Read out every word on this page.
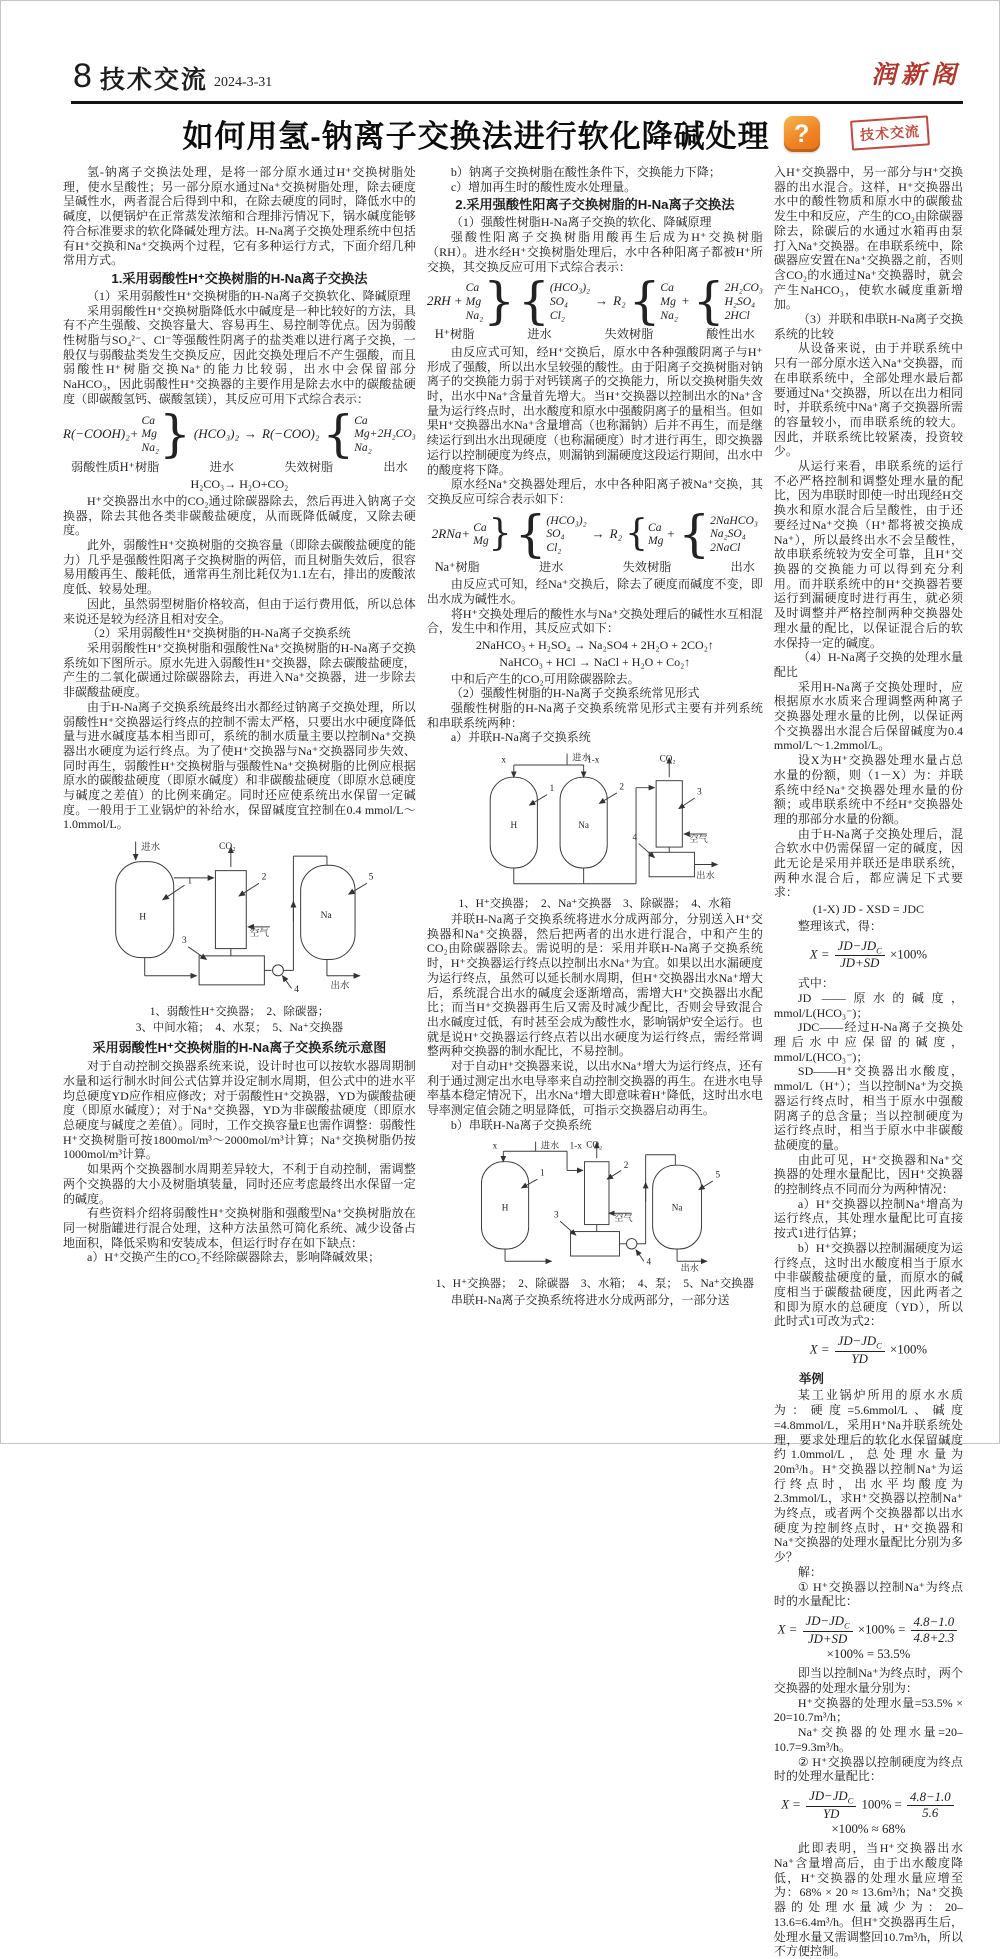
8 技术交流 2024-3-31	润新阁
如何用氢-钠离子交换法进行软化降碱处理 ?	技术交流
氢-钠离子交换法处理，是将一部分原水通过H⁺交换树脂处理，使水呈酸性；另一部分原水通过Na⁺交换树脂处理，除去硬度呈碱性水，两者混合后得到中和，在除去硬度的同时，降低水中的碱度，以便锅炉在正常蒸发浓缩和合理排污情况下，锅水碱度能够符合标准要求的软化降碱处理方法。H-Na离子交换处理系统中包括有H⁺交换和Na⁺交换两个过程，它有多种运行方式，下面介绍几种常用方式。
1.采用弱酸性H⁺交换树脂的H-Na离子交换法
（1）采用弱酸性H⁺交换树脂的H-Na离子交换软化、降碱原理
采用弱酸性H⁺交换树脂降低水中碱度是一种比较好的方法，具有不产生强酸、交换容量大、容易再生、易控制等优点。因为弱酸性树脂与SO₄²⁻、Cl⁻等强酸性阴离子的盐类难以进行离子交换，一般仅与弱酸盐类发生交换反应，因此交换处理后不产生强酸，而且弱酸性H⁺树脂交换Na⁺的能力比较弱，出水中会保留部分NaHCO₃，因此弱酸性H⁺交换器的主要作用是除去水中的碳酸盐硬度（即碳酸氢钙、碳酸氢镁），其反应可用下式综合表示：
R(−COOH)₂+
Ca
Mg
Na₂ } (HCO₃)₂ → R(−COO)₂ { Ca
Mg+2H₂CO₃
Na₂
弱酸性质H⁺树脂	进水	失效树脂	出水
H₂CO₃→ H₂O+CO₂
H⁺交换器出水中的CO₂通过除碳器除去，然后再进入钠离子交换器，除去其他各类非碳酸盐硬度，从而既降低碱度，又除去硬度。
此外，弱酸性H⁺交换树脂的交换容量（即除去碳酸盐硬度的能力）几乎是强酸性阳离子交换树脂的两倍，而且树脂失效后，很容易用酸再生、酸耗低，通常再生剂比耗仅为1.1左右，排出的废酸浓度低、较易处理。
因此，虽然弱型树脂价格较高，但由于运行费用低，所以总体来说还是较为经济且相对安全。
（2）采用弱酸性H⁺交换树脂的H-Na离子交换系统
采用弱酸性H⁺交换树脂和强酸性Na⁺交换树脂的H-Na离子交换系统如下图所示。原水先进入弱酸性H⁺交换器，除去碳酸盐硬度，产生的二氧化碳通过除碳器除去，再进入Na⁺交换器，进一步除去非碳酸盐硬度。
由于H-Na离子交换系统最终出水都经过钠离子交换处理，所以弱酸性H⁺交换器运行终点的控制不需太严格，只要出水中硬度降低量与进水碱度基本相当即可，系统的制水质量主要以控制Na⁺交换器出水硬度为运行终点。为了使H⁺交换器与Na⁺交换器同步失效、同时再生，弱酸性H⁺交换树脂与强酸性Na⁺交换树脂的比例应根据原水的碳酸盐硬度（即原水碱度）和非碳酸盐硬度（即原水总硬度与碱度之差值）的比例来确定。同时还应使系统出水保留一定碱度。一般用于工业锅炉的补给水，保留碱度宜控制在0.4 mmol/L～1.0mmol/L。
进水
H
1
CO₂
2
空气
3
4
Na
5
出水
1、弱酸性H⁺交换器；　2、除碳器；
3、中间水箱；　4、水泵；　5、Na⁺交换器
采用弱酸性H⁺交换树脂的H-Na离子交换系统示意图
对于自动控制交换器系统来说，设计时也可以按软水器周期制水量和运行制水时间公式估算并设定制水周期，但公式中的进水平均总硬度YD应作相应修改；对于弱酸性H⁺交换器，YD为碳酸盐硬度（即原水碱度）；对于Na⁺交换器，YD为非碳酸盐硬度（即原水总硬度与碱度之差值）。同时，工作交换容量E也需作调整：弱酸性H⁺交换树脂可按1800mol/m³～2000mol/m³计算；Na⁺交换树脂仍按1000mol/m³计算。
如果两个交换器制水周期差异较大，不利于自动控制，需调整两个交换器的大小及树脂填装量，同时还应考虑最终出水保留一定的碱度。
有些资料介绍将弱酸性H⁺交换树脂和强酸型Na⁺交换树脂放在同一树脂罐进行混合处理，这种方法虽然可简化系统、减少设备占地面积，降低采购和安装成本，但运行时存在如下缺点：
a）H⁺交换产生的CO₂不经除碳器除去，影响降碱效果；
b）钠离子交换树脂在酸性条件下，交换能力下降；
c）增加再生时的酸性废水处理量。
2.采用强酸性阳离子交换树脂的H-Na离子交换法
（1）强酸性树脂H-Na离子交换的软化、降碱原理
强酸性阳离子交换树脂用酸再生后成为H⁺交换树脂（RH）。进水经H⁺交换树脂处理后，水中各种阳离子都被H⁺所交换，其交换反应可用下式综合表示：
2RH +
Ca
Mg
Na₂ } { (HCO₃)₂
SO₄
Cl₂
→ R₂ { Ca
Mg
Na₂
+ { 2H₂CO₃
H₂SO₄
2HCl
H⁺树脂	进水	失效树脂	酸性出水
由反应式可知，经H⁺交换后，原水中各种强酸阴离子与H⁺形成了强酸，所以出水呈较强的酸性。由于阳离子交换树脂对钠离子的交换能力弱于对钙镁离子的交换能力，所以交换树脂失效时，出水中Na⁺含量首先增大。当H⁺交换器以控制出水的Na⁺含量为运行终点时，出水酸度和原水中强酸阴离子的量相当。但如果H⁺交换器出水Na⁺含量增高（也称漏钠）后并不再生，而是继续运行到出水出现硬度（也称漏硬度）时才进行再生，即交换器运行以控制硬度为终点，则漏钠到漏硬度这段运行期间，出水中的酸度将下降。
原水经Na⁺交换器处理后，水中各种阳离子被Na⁺交换，其交换反应可综合表示如下：
2RNa+ Ca
Mg } { (HCO₃)₂
SO₄
Cl₂
→ R₂ { Ca
Mg + { 2NaHCO₃
Na₂SO₄
2NaCl
Na⁺树脂	进水	失效树脂	出水
由反应式可知，经Na⁺交换后，除去了硬度而碱度不变，即出水成为碱性水。
将H⁺交换处理后的酸性水与Na⁺交换处理后的碱性水互相混合，发生中和作用，其反应式如下：
2NaHCO₃ + H₂SO₄ → Na₂SO4 + 2H₂O + 2CO₂↑
NaHCO₃ + HCl → NaCl + H₂O + Co₂↑
中和后产生的CO₂可用除碳器除去。
（2）强酸性树脂的H-Na离子交换系统常见形式
强酸性树脂的H-Na离子交换系统常见形式主要有并列系统和串联系统两种：
a）并联H-Na离子交换系统
进水
x	1-x
H
1
Na
2
CO₂
3
空气
4
出水
1、H⁺交换器；　2、Na⁺交换器　3、除碳器；　4、水箱
并联H-Na离子交换系统将进水分成两部分，分别送入H⁺交换器和Na⁺交换器，然后把两者的出水进行混合，中和产生的CO₂由除碳器除去。需说明的是：采用并联H-Na离子交换系统时，H⁺交换器运行终点以控制出水Na⁺为宜。如果以出水漏硬度为运行终点，虽然可以延长制水周期，但H⁺交换器出水Na⁺增大后，系统混合出水的碱度会逐渐增高，需增大H⁺交换器出水配比；而当H⁺交换器再生后又需及时减少配比，否则会导致混合出水碱度过低，有时甚至会成为酸性水，影响锅炉安全运行。也就是说H⁺交换器运行终点若以出水硬度为运行终点，需经常调整两种交换器的制水配比，不易控制。
对于自动H⁺交换器来说，以出水Na⁺增大为运行终点，还有利于通过测定出水电导率来自动控制交换器的再生。在进水电导率基本稳定情况下，出水Na⁺增大即意味着H⁺降低，这时出水电导率测定值会随之明显降低，可指示交换器启动再生。
b）串联H-Na离子交换系统
进水
x	1-x
H
1
CO₂
2
空气
3
4
Na
5
出水
1、H⁺交换器；　2、除碳器　3、水箱；　4、泵；　5、Na⁺交换器
串联H-Na离子交换系统将进水分成两部分，一部分送
入H⁺交换器中，另一部分与H⁺交换器的出水混合。这样，H⁺交换器出水中的酸性物质和原水中的碳酸盐发生中和反应，产生的CO₂由除碳器除去，除碳后的水通过水箱再由泵打入Na⁺交换器。在串联系统中，除碳器应安置在Na⁺交换器之前，否则含CO₂的水通过Na⁺交换器时，就会产生NaHCO₃，使软水碱度重新增加。
（3）并联和串联H-Na离子交换系统的比较
从设备来说，由于并联系统中只有一部分原水送入Na⁺交换器，而在串联系统中，全部处理水最后都要通过Na⁺交换器，所以在出力相同时，并联系统中Na⁺离子交换器所需的容量较小，而串联系统的较大。因此，并联系统比较紧凑，投资较少。
从运行来看，串联系统的运行不必严格控制和调整处理水量的配比，因为串联时即使一时出现经H交换水和原水混合后呈酸性，由于还要经过Na⁺交换（H⁺都将被交换成Na⁺），所以最终出水不会呈酸性，故串联系统较为安全可靠，且H⁺交换器的交换能力可以得到充分利用。而并联系统中的H⁺交换器若要运行到漏硬度时进行再生，就必须及时调整并严格控制两种交换器处理水量的配比，以保证混合后的软水保持一定的碱度。
（4）H-Na离子交换的处理水量配比
采用H-Na离子交换处理时，应根据原水水质来合理调整两种离子交换器处理水量的比例，以保证两个交换器出水混合后保留碱度为0.4 mmol/L～1.2mmol/L。
设X为H⁺交换器处理水量占总水量的份额，则（1－X）为：并联系统中经Na⁺交换器处理水量的份额；或串联系统中不经H⁺交换器处理的那部分水量的份额。
由于H-Na离子交换处理后，混合软水中仍需保留一定的碱度，因此无论是采用并联还是串联系统，两种水混合后，都应满足下式要求：
(1-X) JD - XSD = JDC
整理该式，得：
$X = \frac{JD-JD_C}{JD+SD} \times 100\%$
式中：
JD ——原水的碱度，mmol/L(HCO₃⁻)；
JDC——经过H-Na离子交换处理后水中应保留的碱度，mmol/L(HCO₃⁻)；
SD——H⁺交换器出水酸度，mmol/L（H⁺）；当以控制Na⁺为交换器运行终点时，相当于原水中强酸阴离子的总含量；当以控制硬度为运行终点时，相当于原水中非碳酸盐硬度的量。
由此可见，H⁺交换器和Na⁺交换器的处理水量配比，因H⁺交换器的控制终点不同而分为两种情况：
a）H⁺交换器以控制Na⁺增高为运行终点，其处理水量配比可直接按式1进行估算；
b）H⁺交换器以控制漏硬度为运行终点，这时出水酸度相当于原水中非碳酸盐硬度的量，而原水的碱度相当于碳酸盐硬度，因此两者之和即为原水的总硬度（YD），所以此时式1可改为式2：
$X = \frac{JD-JD_C}{YD} \times 100\%$
举例
某工业锅炉所用的原水水质为：硬度=5.6mmol/L、碱度=4.8mmol/L，采用H⁺Na并联系统处理，要求处理后的软化水保留碱度约1.0mmol/L，总处理水量为20m³/h。H⁺交换器以控制Na⁺为运行终点时，出水平均酸度为2.3mmol/L，求H⁺交换器以控制Na⁺为终点，或者两个交换器都以出水硬度为控制终点时，H⁺交换器和Na⁺交换器的处理水量配比分别为多少？
解：
① H⁺交换器以控制Na⁺为终点时的水量配比：
$X = \frac{JD-JD_C}{JD+SD} \times 100\% = \frac{4.8-1.0}{4.8+2.3}$
×100% = 53.5%
即当以控制Na⁺为终点时，两个交换器的处理水量分别为：
H⁺交换器的处理水量=53.5% × 20=10.7m³/h；
Na⁺交换器的处理水量=20–10.7=9.3m³/h。
② H⁺交换器以控制硬度为终点时的处理水量配比：
$X = \frac{JD-JD_C}{YD} 100\% = \frac{4.8-1.0}{5.6}$
×100% ≈ 68%
此即表明，当H⁺交换器出水Na⁺含量增高后，由于出水酸度降低，H⁺交换器的处理水量应增至为：68% × 20 ≈ 13.6m³/h；Na⁺交换器的处理水量减少为：20–13.6=6.4m³/h。但H⁺交换器再生后，处理水量又需调整回10.7m³/h，所以不方便控制。
